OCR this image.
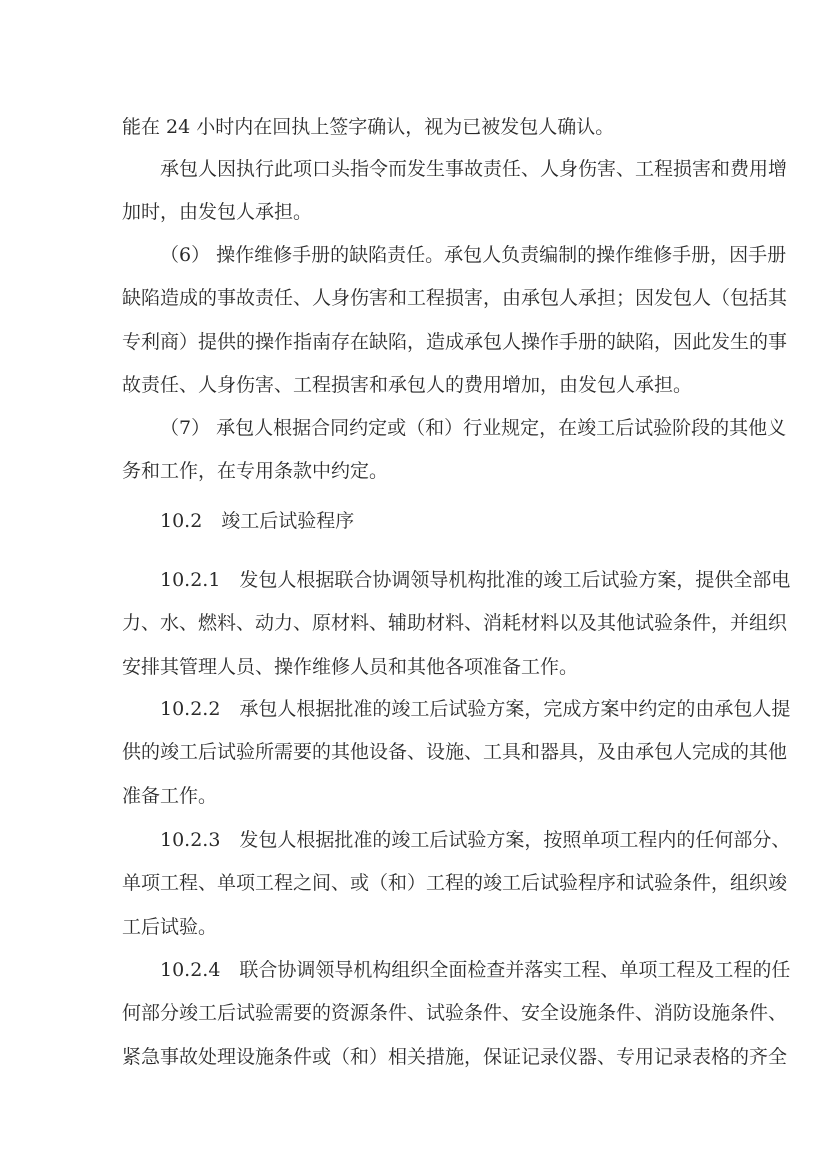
能在 24 小时内在回执上签字确认，视为已被发包人确认。
承包人因执行此项口头指令而发生事故责任、人身伤害、工程损害和费用增
加时，由发包人承担。
（6） 操作维修手册的缺陷责任。承包人负责编制的操作维修手册，因手册
缺陷造成的事故责任、人身伤害和工程损害，由承包人承担；因发包人（包括其
专利商）提供的操作指南存在缺陷，造成承包人操作手册的缺陷，因此发生的事
故责任、人身伤害、工程损害和承包人的费用增加，由发包人承担。
（7） 承包人根据合同约定或（和）行业规定，在竣工后试验阶段的其他义
务和工作，在专用条款中约定。
10.2　竣工后试验程序
10.2.1　发包人根据联合协调领导机构批准的竣工后试验方案，提供全部电
力、水、燃料、动力、原材料、辅助材料、消耗材料以及其他试验条件，并组织
安排其管理人员、操作维修人员和其他各项准备工作。
10.2.2　承包人根据批准的竣工后试验方案，完成方案中约定的由承包人提
供的竣工后试验所需要的其他设备、设施、工具和器具，及由承包人完成的其他
准备工作。
10.2.3　发包人根据批准的竣工后试验方案，按照单项工程内的任何部分、
单项工程、单项工程之间、或（和）工程的竣工后试验程序和试验条件，组织竣
工后试验。
10.2.4　联合协调领导机构组织全面检查并落实工程、单项工程及工程的任
何部分竣工后试验需要的资源条件、试验条件、安全设施条件、消防设施条件、
紧急事故处理设施条件或（和）相关措施，保证记录仪器、专用记录表格的齐全
